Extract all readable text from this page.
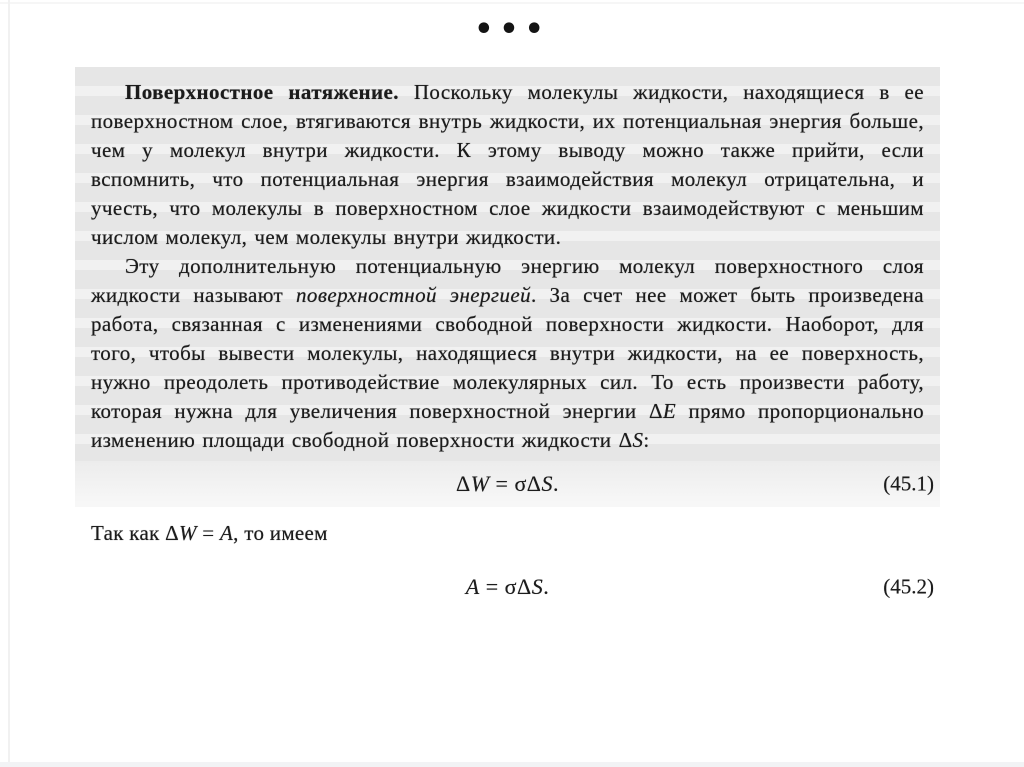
•••

Поверхностное натяжение. Поскольку молекулы жидкости, находящиеся в ее поверхностном слое, втягиваются внутрь жидкости, их потенциальная энергия больше, чем у молекул внутри жидкости. К этому выводу можно также прийти, если вспомнить, что потенциальная энергия взаимодействия молекул отрицательна, и учесть, что молекулы в поверхностном слое жидкости взаимодействуют с меньшим числом молекул, чем молекулы внутри жидкости.

Эту дополнительную потенциальную энергию молекул поверхностного слоя жидкости называют поверхностной энергией. За счет нее может быть произведена работа, связанная с изменениями свободной поверхности жидкости. Наоборот, для того, чтобы вывести молекулы, находящиеся внутри жидкости, на ее поверхность, нужно преодолеть противодействие молекулярных сил. То есть произвести работу, которая нужна для увеличения поверхностной энергии ΔE прямо пропорционально изменению площади свободной поверхности жидкости ΔS:

ΔW = σΔS.	(45.1)
Так как ΔW = A, то имеем
A = σΔS.	(45.2)
